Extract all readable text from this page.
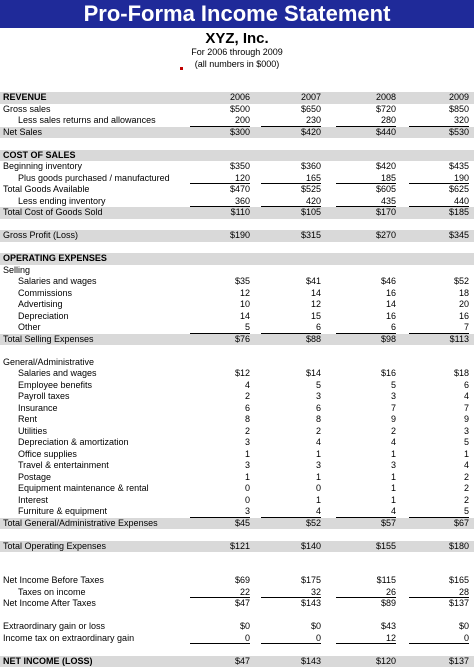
Pro-Forma Income Statement
XYZ, Inc.
For 2006 through 2009
(all numbers in $000)
REVENUE	2006	2007	2008	2009
Gross sales	$500	$650	$720	$850
Less sales returns and allowances	200	230	280	320
Net Sales	$300	$420	$440	$530
COST OF SALES
Beginning inventory	$350	$360	$420	$435
Plus goods purchased / manufactured	120	165	185	190
Total Goods Available	$470	$525	$605	$625
Less ending inventory	360	420	435	440
Total Cost of Goods Sold	$110	$105	$170	$185
Gross Profit (Loss)	$190	$315	$270	$345
OPERATING EXPENSES
Selling
Salaries and wages	$35	$41	$46	$52
Commissions	12	14	16	18
Advertising	10	12	14	20
Depreciation	14	15	16	16
Other	5	6	6	7
Total Selling Expenses	$76	$88	$98	$113
General/Administrative
Salaries and wages	$12	$14	$16	$18
Employee benefits	4	5	5	6
Payroll taxes	2	3	3	4
Insurance	6	6	7	7
Rent	8	8	9	9
Utilities	2	2	2	3
Depreciation & amortization	3	4	4	5
Office supplies	1	1	1	1
Travel & entertainment	3	3	3	4
Postage	1	1	1	2
Equipment maintenance & rental	0	0	1	2
Interest	0	1	1	2
Furniture & equipment	3	4	4	5
Total General/Administrative Expenses	$45	$52	$57	$67
Total Operating Expenses	$121	$140	$155	$180
Net Income Before Taxes	$69	$175	$115	$165
Taxes on income	22	32	26	28
Net Income After Taxes	$47	$143	$89	$137
Extraordinary gain or loss	$0	$0	$43	$0
Income tax on extraordinary gain	0	0	12	0
NET INCOME (LOSS)	$47	$143	$120	$137
